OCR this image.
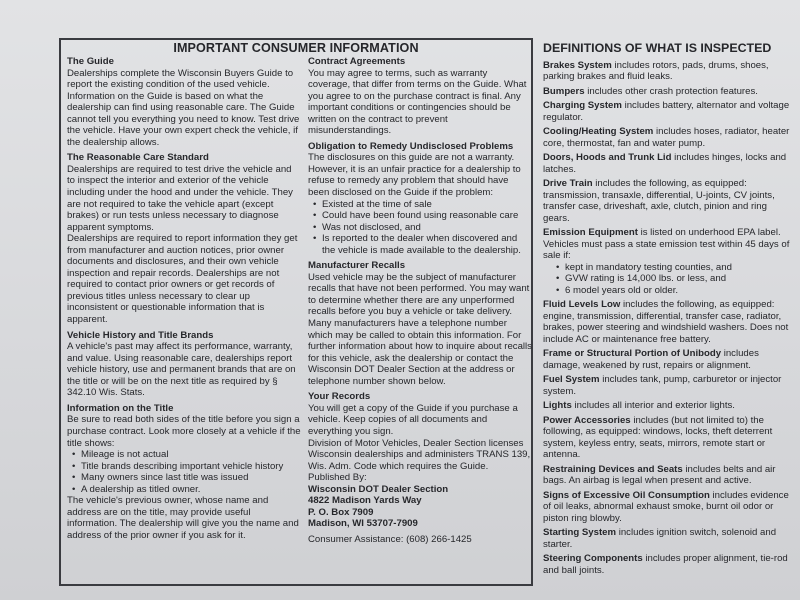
IMPORTANT CONSUMER INFORMATION
The Guide

Dealerships complete the Wisconsin Buyers Guide to report the existing condition of the used vehicle. Information on the Guide is based on what the dealership can find using reasonable care. The Guide cannot tell you everything you need to know. Test drive the vehicle. Have your own expert check the vehicle, if the dealership allows.

The Reasonable Care Standard

Dealerships are required to test drive the vehicle and to inspect the interior and exterior of the vehicle including under the hood and under the vehicle. They are not required to take the vehicle apart (except brakes) or run tests unless necessary to diagnose apparent symptoms.

Dealerships are required to report information they get from manufacturer and auction notices, prior owner documents and disclosures, and their own vehicle inspection and repair records. Dealerships are not required to contact prior owners or get records of previous titles unless necessary to clear up inconsistent or questionable information that is apparent.

Vehicle History and Title Brands

A vehicle's past may affect its performance, warranty, and value. Using reasonable care, dealerships report vehicle history, use and permanent brands that are on the title or will be on the next title as required by § 342.10 Wis. Stats.

Information on the Title

Be sure to read both sides of the title before you sign a purchase contract. Look more closely at a vehicle if the title shows:

• Mileage is not actual
• Title brands describing important vehicle history
• Many owners since last title was issued
• A dealership as titled owner.

The vehicle's previous owner, whose name and address are on the title, may provide useful information. The dealership will give you the name and address of the prior owner if you ask for it.

Contract Agreements

You may agree to terms, such as warranty coverage, that differ from terms on the Guide. What you agree to on the purchase contract is final. Any important conditions or contingencies should be written on the contract to prevent misunderstandings.

Obligation to Remedy Undisclosed Problems

The disclosures on this guide are not a warranty. However, it is an unfair practice for a dealership to refuse to remedy any problem that should have been disclosed on the Guide if the problem:

• Existed at the time of sale
• Could have been found using reasonable care
• Was not disclosed, and
• Is reported to the dealer when discovered and the vehicle is made available to the dealership.
Manufacturer Recalls

Used vehicle may be the subject of manufacturer recalls that have not been performed. You may want to determine whether there are any unperformed recalls before you buy a vehicle or take delivery. Many manufacturers have a telephone number which may be called to obtain this information. For further information about how to inquire about recalls for this vehicle, ask the dealership or contact the Wisconsin DOT Dealer Section at the address or telephone number shown below.

Your Records

You will get a copy of the Guide if you purchase a vehicle. Keep copies of all documents and everything you sign.

Division of Motor Vehicles, Dealer Section licenses Wisconsin dealerships and administers TRANS 139, Wis. Adm. Code which requires the Guide.

Published By:

Wisconsin DOT Dealer Section
4822 Madison Yards Way
P. O. Box 7909
Madison, WI 53707-7909
Consumer Assistance: (608) 266-1425
DEFINITIONS OF WHAT IS INSPECTED
Brakes System includes rotors, pads, drums, shoes, parking brakes and fluid leaks.
Bumpers includes other crash protection features.
Charging System includes battery, alternator and voltage regulator.
Cooling/Heating System includes hoses, radiator, heater core, thermostat, fan and water pump.
Doors, Hoods and Trunk Lid includes hinges, locks and latches.
Drive Train includes the following, as equipped: transmission, transaxle, differential, U-joints, CV joints, transfer case, driveshaft, axle, clutch, pinion and ring gears.
Emission Equipment is listed on underhood EPA label. Vehicles must pass a state emission test within 45 days of sale if:
• kept in mandatory testing counties, and
• GVW rating is 14,000 lbs. or less, and
• 6 model years old or older.
Fluid Levels Low includes the following, as equipped: engine, transmission, differential, transfer case, radiator, brakes, power steering and windshield washers. Does not include AC or maintenance free battery.
Frame or Structural Portion of Unibody includes damage, weakened by rust, repairs or alignment.
Fuel System includes tank, pump, carburetor or injector system.
Lights includes all interior and exterior lights.
Power Accessories includes (but not limited to) the following, as equipped: windows, locks, theft deterrent system, keyless entry, seats, mirrors, remote start or antenna.
Restraining Devices and Seats includes belts and air bags. An airbag is legal when present and active.
Signs of Excessive Oil Consumption includes evidence of oil leaks, abnormal exhaust smoke, burnt oil odor or piston ring blowby.
Starting System includes ignition switch, solenoid and starter.
Steering Components includes proper alignment, tie-rod and ball joints.
